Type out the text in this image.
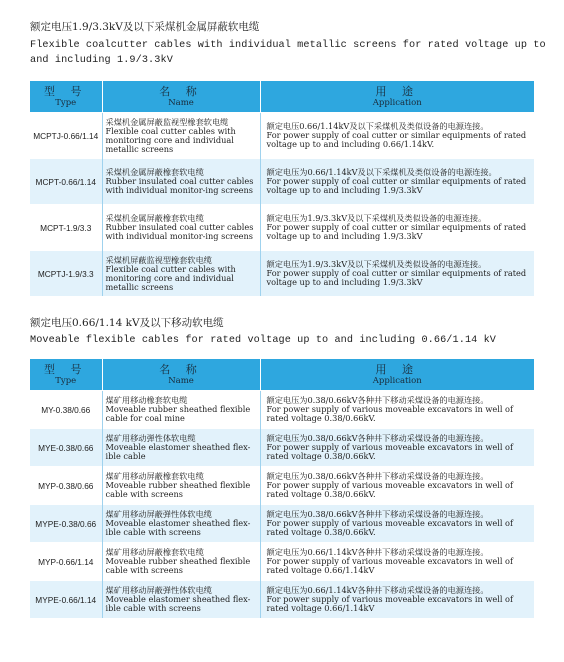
额定电压1.9/3.3kV及以下采煤机金属屏蔽软电缆
Flexible coalcutter cables with individual metallic screens for rated voltage up to and including 1.9/3.3kV
型 号
Type	名 称
Name	用 途
Application

MCPTJ-0.66/1.14	采煤机金属屏蔽监视型橡套软电缆
Flexible coal cutter cables with monitoring core and individual metallic screens	额定电压0.66/1.14kV及以下采煤机及类似设备的电源连接。
For power supply of coal cutter or similar equipments of rated voltage up to and including 0.66/1.14kV.

MCPT-0.66/1.14	采煤机金属屏蔽橡套软电缆
Rubber insulated coal cutter cables with individual monitor-ing screens	额定电压为0.66/1.14kV及以下采煤机及类似设备的电源连接。
For power supply of coal cutter or similar equipments of rated voltage up to and including 1.9/3.3kV

MCPT-1.9/3.3	采煤机金属屏蔽橡套软电缆
Rubber insulated coal cutter cables with individual monitor-ing screens	额定电压为1.9/3.3kV及以下采煤机及类似设备的电源连接。
For power supply of coal cutter or similar equipments of rated voltage up to and including 1.9/3.3kV

MCPTJ-1.9/3.3	采煤机屏蔽监视型橡套软电缆
Flexible coal cutter cables with monitoring core and individual metallic screens	额定电压为1.9/3.3kV及以下采煤机及类似设备的电源连接。
For power supply of coal cutter or similar equipments of rated voltage up to and including 1.9/3.3kV
额定电压0.66/1.14 kV及以下移动软电缆
Moveable flexible cables for rated voltage up to and including 0.66/1.14 kV
型 号
Type	名 称
Name	用 途
Application

MY-0.38/0.66	煤矿用移动橡套软电缆
Moveable rubber sheathed flexible cable for coal mine	额定电压为0.38/0.66kV各种井下移动采煤设备的电源连接。
For power supply of various moveable excavators in well of rated voltage 0.38/0.66kV.

MYE-0.38/0.66	煤矿用移动弹性体软电缆
Moveable elastomer sheathed flex-ible cable	额定电压为0.38/0.66kV各种井下移动采煤设备的电源连接。
For power supply of various moveable excavators in well of rated voltage 0.38/0.66kV.

MYP-0.38/0.66	煤矿用移动屏蔽橡套软电缆
Moveable rubber sheathed flexible cable with screens	额定电压为0.38/0.66kV各种井下移动采煤设备的电源连接。
For power supply of various moveable excavators in well of rated voltage 0.38/0.66kV.

MYPE-0.38/0.66	煤矿用移动屏蔽弹性体软电缆
Moveable elastomer sheathed flex-ible cable with screens	额定电压为0.38/0.66kV各种井下移动采煤设备的电源连接。
For power supply of various moveable excavators in well of rated voltage 0.38/0.66kV.

MYP-0.66/1.14	煤矿用移动屏蔽橡套软电缆
Moveable rubber sheathed flexible cable with screens	额定电压为0.66/1.14kV各种井下移动采煤设备的电源连接。
For power supply of various moveable excavators in well of rated voltage 0.66/1.14kV

MYPE-0.66/1.14	煤矿用移动屏蔽弹性体软电缆
Moveable elastomer sheathed flex-ible cable with screens	额定电压为0.66/1.14kV各种井下移动采煤设备的电源连接。
For power supply of various moveable excavators in well of rated voltage 0.66/1.14kV
